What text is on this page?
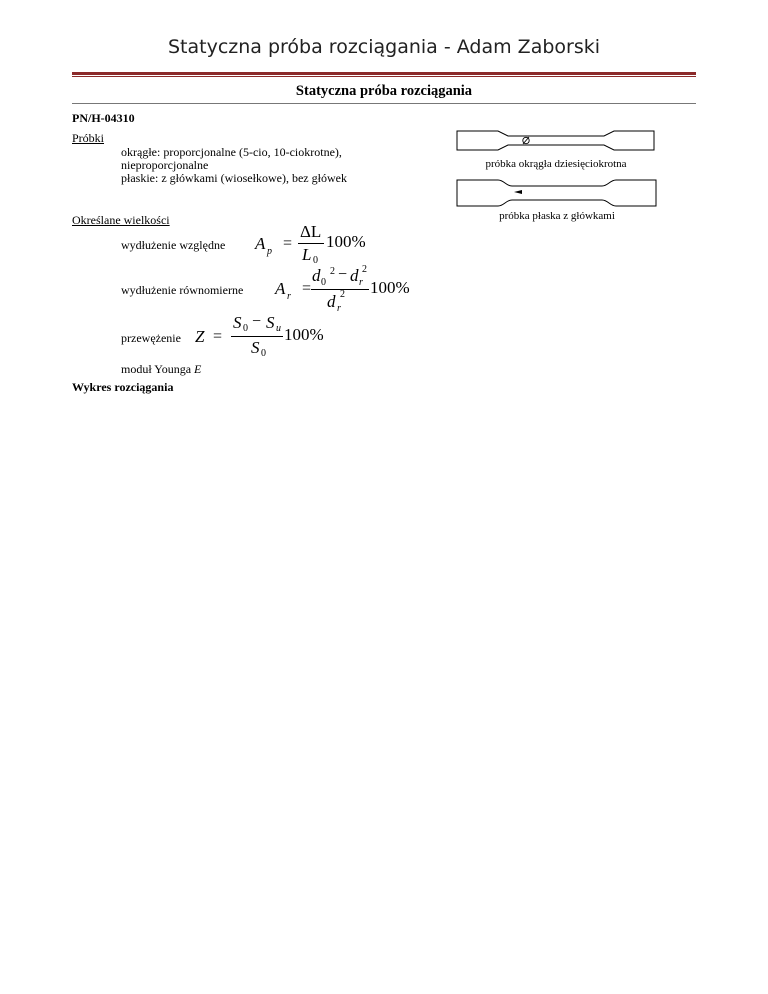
Statyczna próba rozciągania - Adam Zaborski
Statyczna próba rozciągania
PN/H-04310
Próbki
okrągłe: proporcjonalne (5-cio, 10-ciokrotne),
nieproporcjonalne
płaskie: z główkami (wiosełkowe), bez główek
próbka okrągła dziesięciokrotna
próbka płaska z główkami
Określane wielkości
wydłużenie względne A p =
ΔL
L 0
100%
wydłużenie równomierne A r =
d 0
2 − d r
2
d r
2 100%
przewężenie Z =
S 0 − S u
S 0
100%
moduł Younga E
Wykres rozciągania
